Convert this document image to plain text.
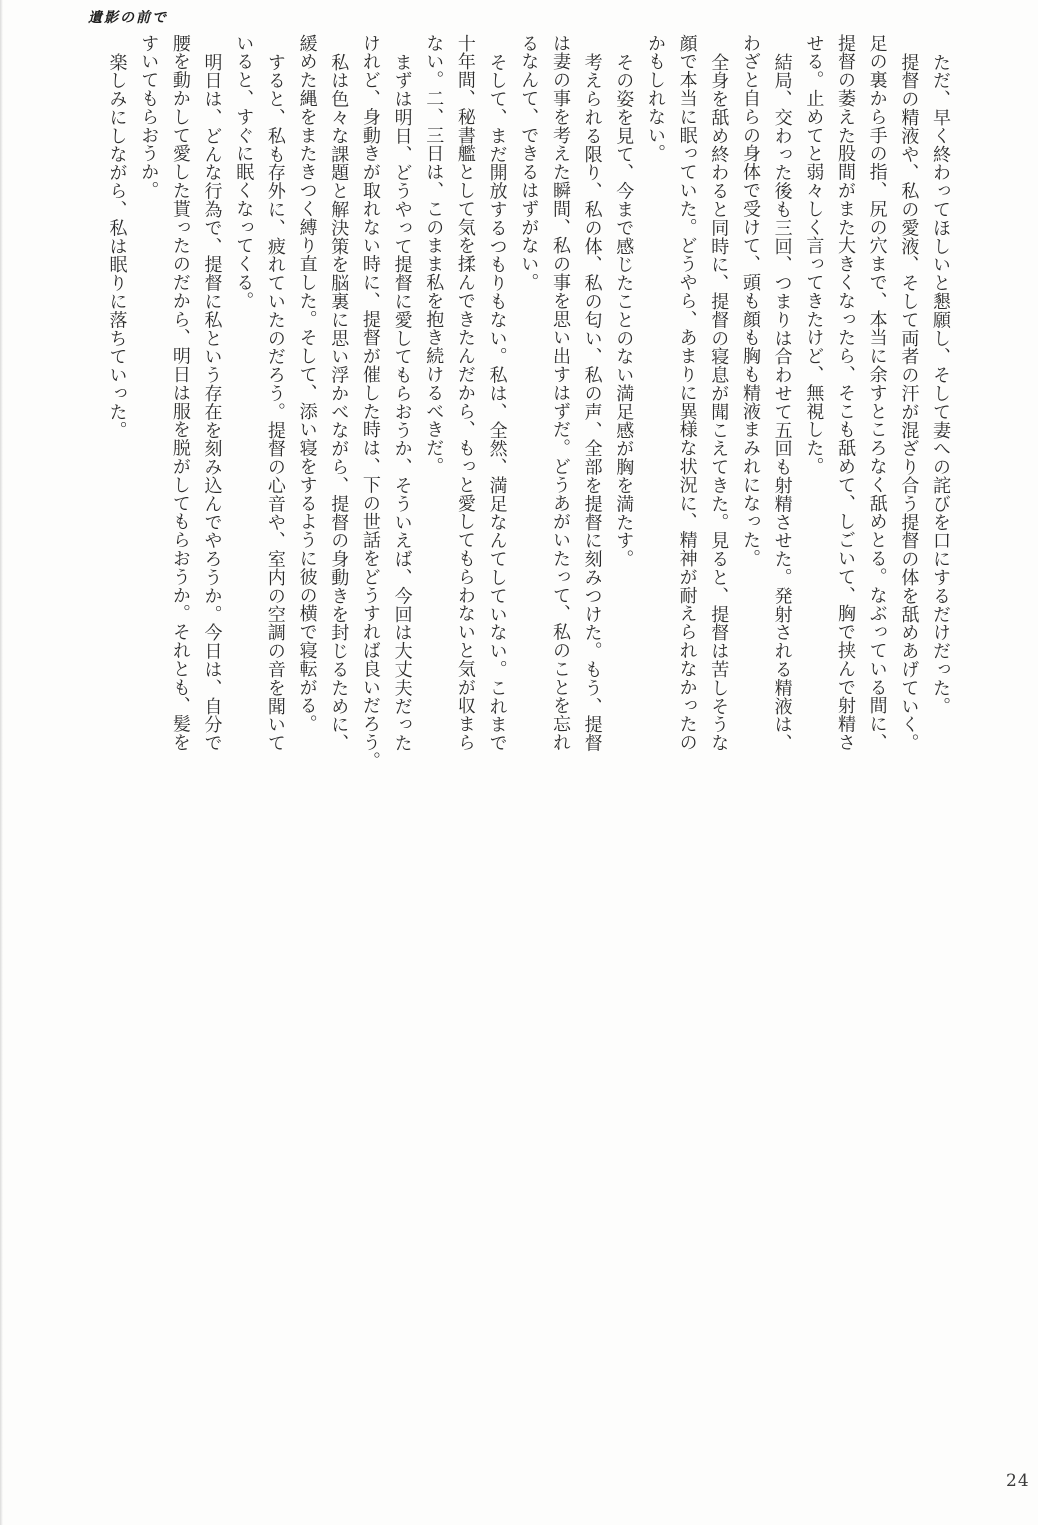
遺影の前で

ただ、早く終わってほしいと懇願し、そして妻への詫びを口にするだけだった。

提督の精液や、私の愛液、そして両者の汗が混ざり合う提督の体を舐めあげていく。

足の裏から手の指、尻の穴まで、本当に余すところなく舐めとる。なぶっている間に、

提督の萎えた股間がまた大きくなったら、そこも舐めて、しごいて、胸で挟んで射精さ

せる。止めてと弱々しく言ってきたけど、無視した。

結局、交わった後も三回、つまりは合わせて五回も射精させた。発射される精液は、

わざと自らの身体で受けて、頭も顔も胸も精液まみれになった。

全身を舐め終わると同時に、提督の寝息が聞こえてきた。見ると、提督は苦しそうな

顔で本当に眠っていた。どうやら、あまりに異様な状況に、精神が耐えられなかったの

かもしれない。

その姿を見て、今まで感じたことのない満足感が胸を満たす。

考えられる限り、私の体、私の匂い、私の声、全部を提督に刻みつけた。もう、提督

は妻の事を考えた瞬間、私の事を思い出すはずだ。どうあがいたって、私のことを忘れ

るなんて、できるはずがない。

そして、まだ開放するつもりもない。私は、全然、満足なんてしていない。これまで

十年間、秘書艦として気を揉んできたんだから、もっと愛してもらわないと気が収まら

ない。二、三日は、このまま私を抱き続けるべきだ。

まずは明日、どうやって提督に愛してもらおうか、そういえば、今回は大丈夫だった

けれど、身動きが取れない時に、提督が催した時は、下の世話をどうすれば良いだろう。

私は色々な課題と解決策を脳裏に思い浮かべながら、提督の身動きを封じるために、

緩めた縄をまたきつく縛り直した。そして、添い寝をするように彼の横で寝転がる。

すると、私も存外に、疲れていたのだろう。提督の心音や、室内の空調の音を聞いて

いると、すぐに眠くなってくる。

明日は、どんな行為で、提督に私という存在を刻み込んでやろうか。今日は、自分で

腰を動かして愛した貰ったのだから、明日は服を脱がしてもらおうか。それとも、髪を

すいてもらおうか。

楽しみにしながら、私は眠りに落ちていった。

24
